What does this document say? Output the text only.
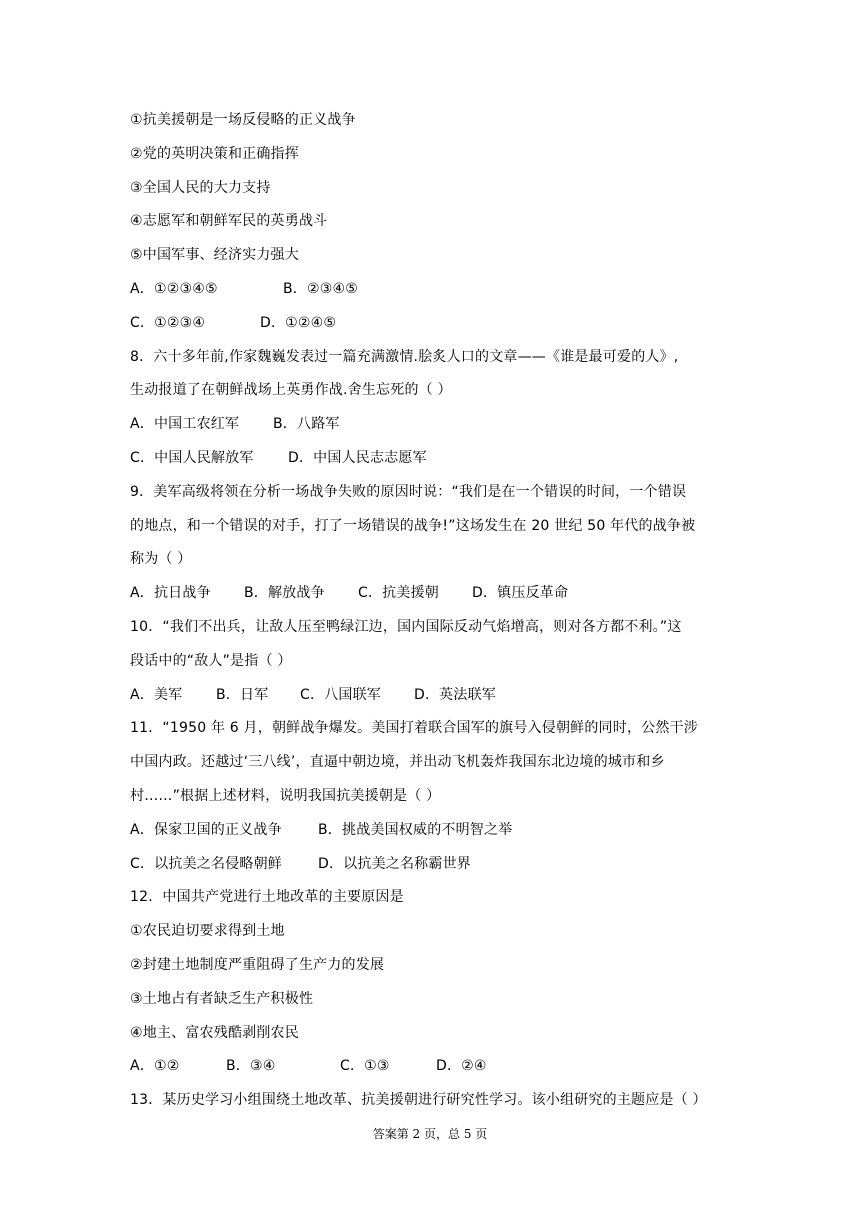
①抗美援朝是一场反侵略的正义战争
②党的英明决策和正确指挥
③全国人民的大力支持
④志愿军和朝鲜军民的英勇战斗
⑤中国军事、经济实力强大
A．①②③④⑤	B．②③④⑤
C．①②③④	D．①②④⑤
8．六十多年前,作家魏巍发表过一篇充满激情.脍炙人口的文章——《谁是最可爱的人》,
生动报道了在朝鲜战场上英勇作战.舍生忘死的（ ）
A．中国工农红军	B．八路军
C．中国人民解放军	D．中国人民志志愿军
9．美军高级将领在分析一场战争失败的原因时说：“我们是在一个错误的时间，一个错误
的地点，和一个错误的对手，打了一场错误的战争!”这场发生在 20 世纪 50 年代的战争被
称为（ ）
A．抗日战争	B．解放战争	C．抗美援朝	D．镇压反革命
10．“我们不出兵，让敌人压至鸭绿江边，国内国际反动气焰增高，则对各方都不利。”这
段话中的“敌人”是指（ ）
A．美军	B．日军	C．八国联军	D．英法联军
11．“1950 年 6 月，朝鲜战争爆发。美国打着联合国军的旗号入侵朝鲜的同时，公然干涉
中国内政。还越过‘三八线’，直逼中朝边境，并出动飞机轰炸我国东北边境的城市和乡
村……”根据上述材料，说明我国抗美援朝是（ ）
A．保家卫国的正义战争	B．挑战美国权威的不明智之举
C．以抗美之名侵略朝鲜	D．以抗美之名称霸世界
12．中国共产党进行土地改革的主要原因是
①农民迫切要求得到土地
②封建土地制度严重阻碍了生产力的发展
③土地占有者缺乏生产积极性
④地主、富农残酷剥削农民
A．①②	B．③④	C．①③	D．②④
13．某历史学习小组围绕土地改革、抗美援朝进行研究性学习。该小组研究的主题应是（ ）
答案第 2 页，总 5 页
